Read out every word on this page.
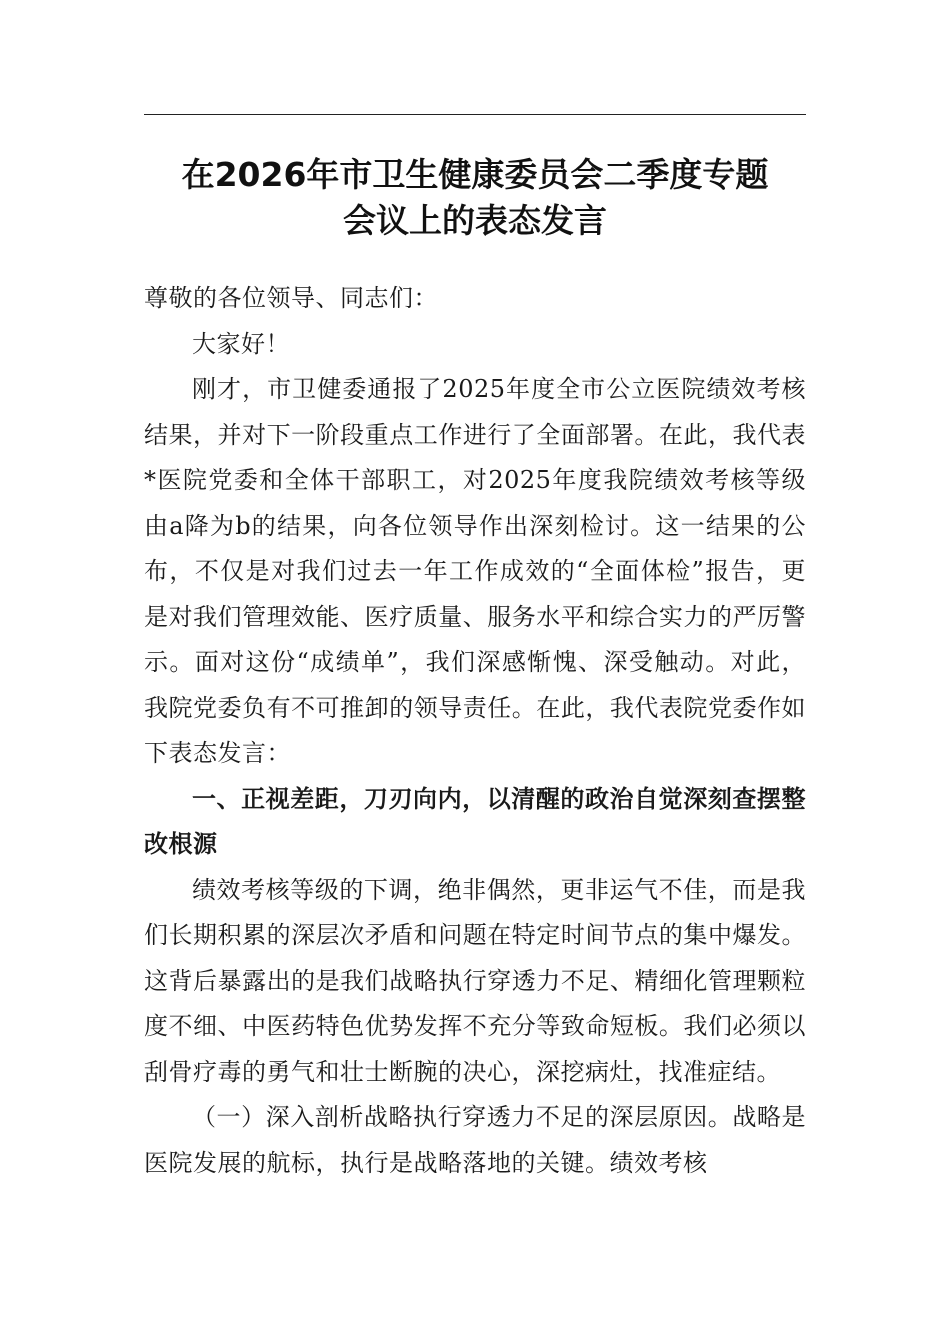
在2026年市卫生健康委员会二季度专题
会议上的表态发言

尊敬的各位领导、同志们：

大家好！

刚才，市卫健委通报了2025年度全市公立医院绩效考核结果，并对下一阶段重点工作进行了全面部署。在此，我代表*医院党委和全体干部职工，对2025年度我院绩效考核等级由a降为b的结果，向各位领导作出深刻检讨。这一结果的公布，不仅是对我们过去一年工作成效的“全面体检”报告，更是对我们管理效能、医疗质量、服务水平和综合实力的严厉警示。面对这份“成绩单”，我们深感惭愧、深受触动。对此，我院党委负有不可推卸的领导责任。在此，我代表院党委作如下表态发言：

一、正视差距，刀刃向内，以清醒的政治自觉深刻查摆整改根源

绩效考核等级的下调，绝非偶然，更非运气不佳，而是我们长期积累的深层次矛盾和问题在特定时间节点的集中爆发。这背后暴露出的是我们战略执行穿透力不足、精细化管理颗粒度不细、中医药特色优势发挥不充分等致命短板。我们必须以刮骨疗毒的勇气和壮士断腕的决心，深挖病灶，找准症结。

（一）深入剖析战略执行穿透力不足的深层原因。战略是医院发展的航标，执行是战略落地的关键。绩效考核
